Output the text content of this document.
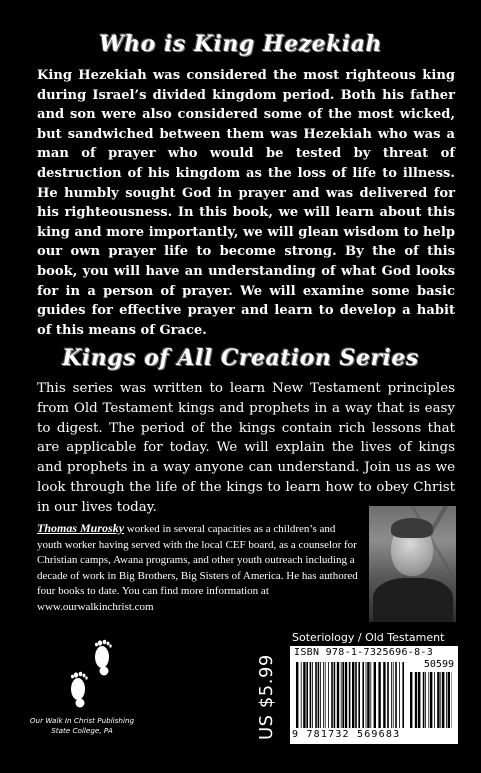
Who is King Hezekiah

King Hezekiah was considered the most righteous king during Israel’s divided kingdom period. Both his father and son were also considered some of the most wicked, but sandwiched between them was Hezekiah who was a man of prayer who would be tested by threat of destruction of his kingdom as the loss of life to illness. He humbly sought God in prayer and was delivered for his righteousness. In this book, we will learn about this king and more importantly, we will glean wisdom to help our own prayer life to become strong. By the of this book, you will have an understanding of what God looks for in a person of prayer. We will examine some basic guides for effective prayer and learn to develop a habit of this means of Grace.

Kings of All Creation Series

This series was written to learn New Testament principles from Old Testament kings and prophets in a way that is easy to digest. The period of the kings contain rich lessons that are applicable for today. We will explain the lives of kings and prophets in a way anyone can understand. Join us as we look through the life of the kings to learn how to obey Christ in our lives today.

Thomas Murosky worked in several capacities as a children’s and youth worker having served with the local CEF board, as a counselor for Christian camps, Awana programs, and other youth outreach including a decade of work in Big Brothers, Big Sisters of America. He has authored four books to date. You can find more information at www.ourwalkinchrist.com

Soteriology / Old Testament
US $5.99
ISBN 978-1-7325696-8-3
50599
9 781732 569683
Our Walk In Christ Publishing
State College, PA
